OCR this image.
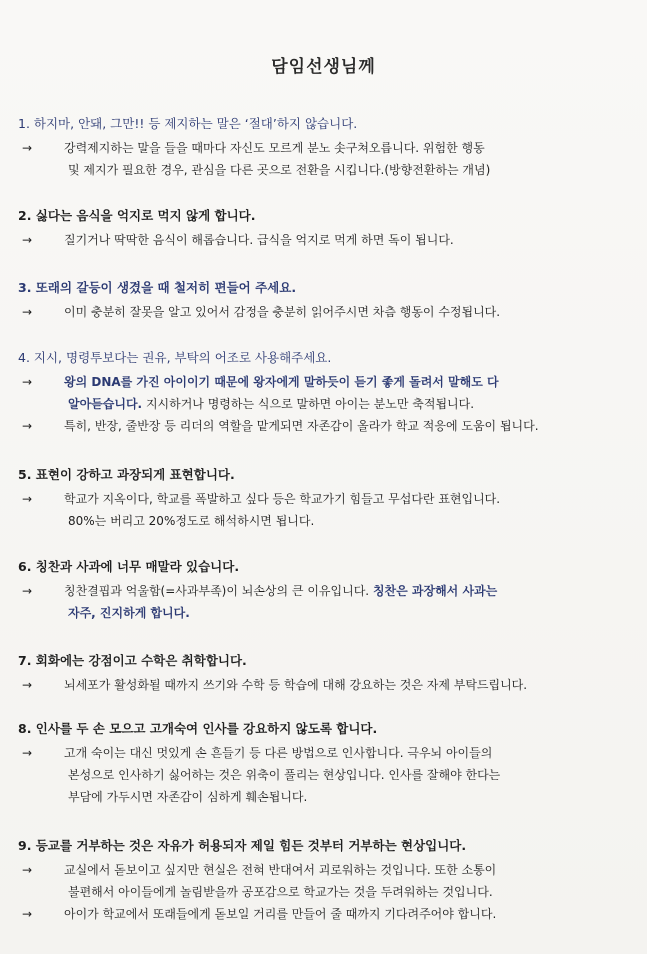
담임선생님께
1. 하지마, 안돼, 그만!! 등 제지하는 말은 ‘절대’하지 않습니다.
→	강력제지하는 말을 들을 때마다 자신도 모르게 분노 솟구쳐오릅니다. 위험한 행동
및 제지가 필요한 경우, 관심을 다른 곳으로 전환을 시킵니다.(방향전환하는 개념)
2. 싫다는 음식을 억지로 먹지 않게 합니다.
→	질기거나 딱딱한 음식이 해롭습니다. 급식을 억지로 먹게 하면 독이 됩니다.
3. 또래의 갈등이 생겼을 때 철저히 편들어 주세요.
→	이미 충분히 잘못을 알고 있어서 감정을 충분히 읽어주시면 차츰 행동이 수정됩니다.
4. 지시, 명령투보다는 권유, 부탁의 어조로 사용해주세요.
→	왕의 DNA를 가진 아이이기 때문에 왕자에게 말하듯이 듣기 좋게 돌려서 말해도 다
알아듣습니다. 지시하거나 명령하는 식으로 말하면 아이는 분노만 축적됩니다.
→	특히, 반장, 줄반장 등 리더의 역할을 맡게되면 자존감이 올라가 학교 적응에 도움이 됩니다.
5. 표현이 강하고 과장되게 표현합니다.
→	학교가 지옥이다, 학교를 폭발하고 싶다 등은 학교가기 힘들고 무섭다란 표현입니다.
80%는 버리고 20%정도로 해석하시면 됩니다.
6. 칭찬과 사과에 너무 매말라 있습니다.
→	칭찬결핍과 억울함(=사과부족)이 뇌손상의 큰 이유입니다. 칭찬은 과장해서 사과는
자주, 진지하게 합니다.
7. 회화에는 강점이고 수학은 취학합니다.
→	뇌세포가 활성화될 때까지 쓰기와 수학 등 학습에 대해 강요하는 것은 자제 부탁드립니다.
8. 인사를 두 손 모으고 고개숙여 인사를 강요하지 않도록 합니다.
→	고개 숙이는 대신 멋있게 손 흔들기 등 다른 방법으로 인사합니다. 극우뇌 아이들의
본성으로 인사하기 싫어하는 것은 위축이 풀리는 현상입니다. 인사를 잘해야 한다는
부담에 가두시면 자존감이 심하게 훼손됩니다.
9. 등교를 거부하는 것은 자유가 허용되자 제일 힘든 것부터 거부하는 현상입니다.
→	교실에서 돋보이고 싶지만 현실은 전혀 반대여서 괴로워하는 것입니다. 또한 소통이
불편해서 아이들에게 놀림받을까 공포감으로 학교가는 것을 두려워하는 것입니다.
→	아이가 학교에서 또래들에게 돋보일 거리를 만들어 줄 때까지 기다려주어야 합니다.
